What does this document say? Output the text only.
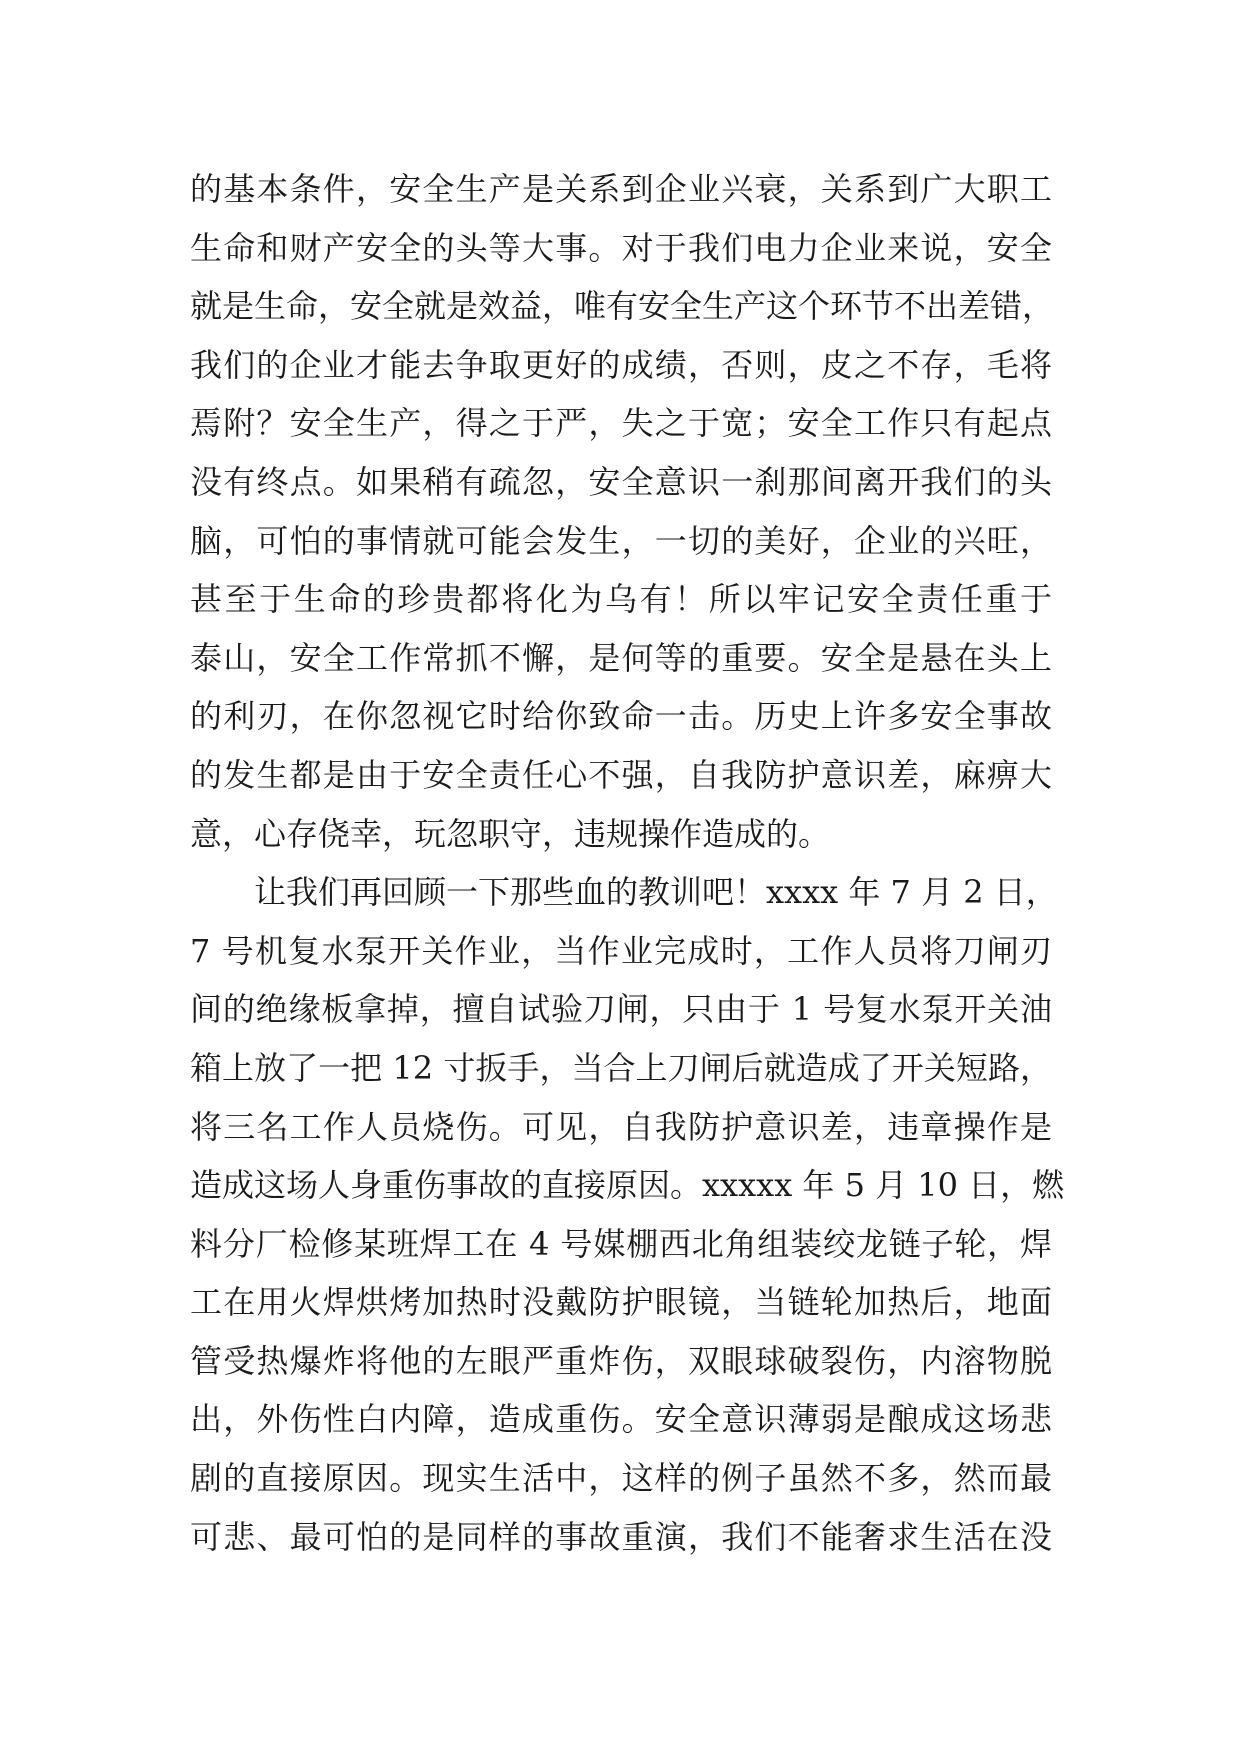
的基本条件，安全生产是关系到企业兴衰，关系到广大职工
生命和财产安全的头等大事。对于我们电力企业来说，安全
就是生命，安全就是效益，唯有安全生产这个环节不出差错，
我们的企业才能去争取更好的成绩，否则，皮之不存，毛将
焉附？安全生产，得之于严，失之于宽；安全工作只有起点
没有终点。如果稍有疏忽，安全意识一刹那间离开我们的头
脑，可怕的事情就可能会发生，一切的美好，企业的兴旺，
甚至于生命的珍贵都将化为乌有！所以牢记安全责任重于
泰山，安全工作常抓不懈，是何等的重要。安全是悬在头上
的利刃，在你忽视它时给你致命一击。历史上许多安全事故
的发生都是由于安全责任心不强，自我防护意识差，麻痹大
意，心存侥幸，玩忽职守，违规操作造成的。
让我们再回顾一下那些血的教训吧！xxxx 年 7 月 2 日，
7 号机复水泵开关作业，当作业完成时，工作人员将刀闸刃
间的绝缘板拿掉，擅自试验刀闸，只由于 1 号复水泵开关油
箱上放了一把 12 寸扳手，当合上刀闸后就造成了开关短路，
将三名工作人员烧伤。可见，自我防护意识差，违章操作是
造成这场人身重伤事故的直接原因。xxxxx 年 5 月 10 日，燃
料分厂检修某班焊工在 4 号媒棚西北角组装绞龙链子轮，焊
工在用火焊烘烤加热时没戴防护眼镜，当链轮加热后，地面
管受热爆炸将他的左眼严重炸伤，双眼球破裂伤，内溶物脱
出，外伤性白内障，造成重伤。安全意识薄弱是酿成这场悲
剧的直接原因。现实生活中，这样的例子虽然不多，然而最
可悲、最可怕的是同样的事故重演，我们不能奢求生活在没
